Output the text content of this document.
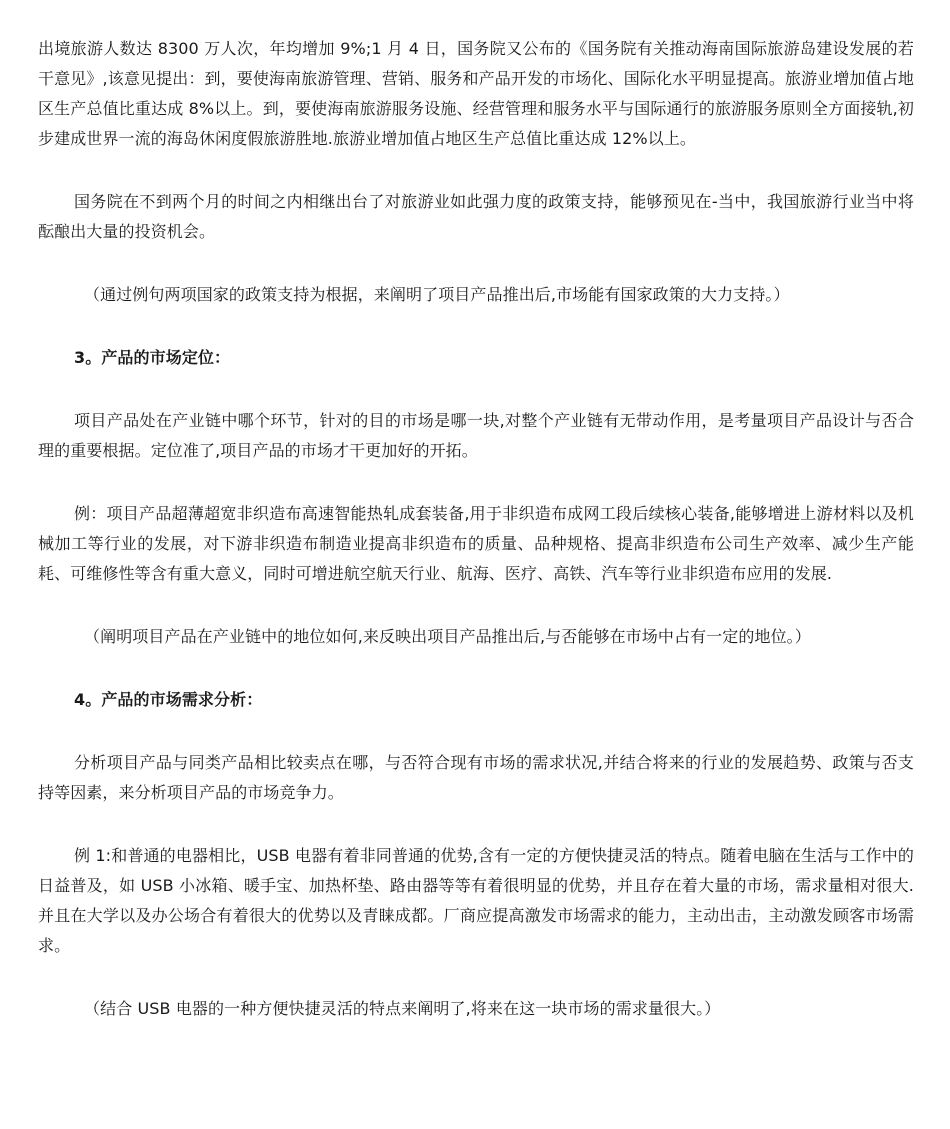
出境旅游人数达 8300 万人次，年均增加 9%;1 月 4 日，国务院又公布的《国务院有关推动海南国际旅游岛建设发展的若干意见》,该意见提出：到，要使海南旅游管理、营销、服务和产品开发的市场化、国际化水平明显提高。旅游业增加值占地区生产总值比重达成 8%以上。到，要使海南旅游服务设施、经营管理和服务水平与国际通行的旅游服务原则全方面接轨,初步建成世界一流的海岛休闲度假旅游胜地.旅游业增加值占地区生产总值比重达成 12%以上。

国务院在不到两个月的时间之内相继出台了对旅游业如此强力度的政策支持，能够预见在-当中，我国旅游行业当中将酝酿出大量的投资机会。

（通过例句两项国家的政策支持为根据，来阐明了项目产品推出后,市场能有国家政策的大力支持。）

3。产品的市场定位：

项目产品处在产业链中哪个环节，针对的目的市场是哪一块,对整个产业链有无带动作用，是考量项目产品设计与否合理的重要根据。定位准了,项目产品的市场才干更加好的开拓。

例：项目产品超薄超宽非织造布高速智能热轧成套装备,用于非织造布成网工段后续核心装备,能够增进上游材料以及机械加工等行业的发展，对下游非织造布制造业提高非织造布的质量、品种规格、提高非织造布公司生产效率、减少生产能耗、可维修性等含有重大意义，同时可增进航空航天行业、航海、医疗、高铁、汽车等行业非织造布应用的发展.

（阐明项目产品在产业链中的地位如何,来反映出项目产品推出后,与否能够在市场中占有一定的地位。）

4。产品的市场需求分析：

分析项目产品与同类产品相比较卖点在哪，与否符合现有市场的需求状况,并结合将来的行业的发展趋势、政策与否支持等因素，来分析项目产品的市场竞争力。

例 1:和普通的电器相比，USB 电器有着非同普通的优势,含有一定的方便快捷灵活的特点。随着电脑在生活与工作中的日益普及，如 USB 小冰箱、暖手宝、加热杯垫、路由器等等有着很明显的优势，并且存在着大量的市场，需求量相对很大.并且在大学以及办公场合有着很大的优势以及青睐成都。厂商应提高激发市场需求的能力，主动出击，主动激发顾客市场需求。

（结合 USB 电器的一种方便快捷灵活的特点来阐明了,将来在这一块市场的需求量很大。）
